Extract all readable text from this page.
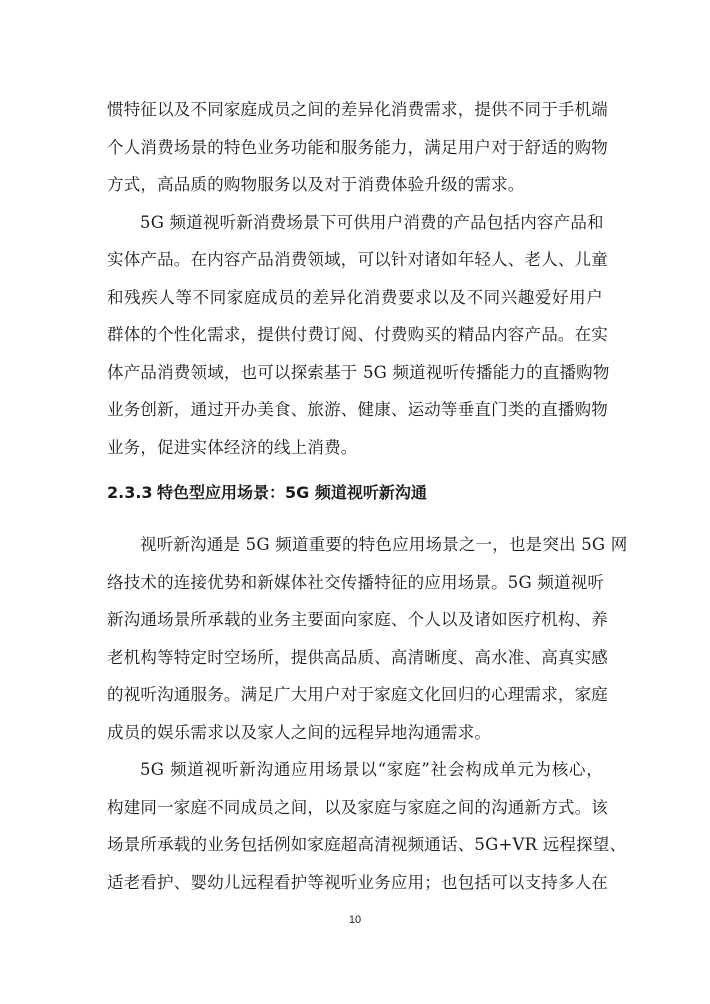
惯特征以及不同家庭成员之间的差异化消费需求，提供不同于手机端
个人消费场景的特色业务功能和服务能力，满足用户对于舒适的购物
方式，高品质的购物服务以及对于消费体验升级的需求。
5G 频道视听新消费场景下可供用户消费的产品包括内容产品和
实体产品。在内容产品消费领域，可以针对诸如年轻人、老人、儿童
和残疾人等不同家庭成员的差异化消费要求以及不同兴趣爱好用户
群体的个性化需求，提供付费订阅、付费购买的精品内容产品。在实
体产品消费领域，也可以探索基于 5G 频道视听传播能力的直播购物
业务创新，通过开办美食、旅游、健康、运动等垂直门类的直播购物
业务，促进实体经济的线上消费。
2.3.3 特色型应用场景：5G 频道视听新沟通
视听新沟通是 5G 频道重要的特色应用场景之一，也是突出 5G 网
络技术的连接优势和新媒体社交传播特征的应用场景。5G 频道视听
新沟通场景所承载的业务主要面向家庭、个人以及诸如医疗机构、养
老机构等特定时空场所，提供高品质、高清晰度、高水准、高真实感
的视听沟通服务。满足广大用户对于家庭文化回归的心理需求，家庭
成员的娱乐需求以及家人之间的远程异地沟通需求。
5G 频道视听新沟通应用场景以“家庭”社会构成单元为核心，
构建同一家庭不同成员之间，以及家庭与家庭之间的沟通新方式。该
场景所承载的业务包括例如家庭超高清视频通话、5G+VR 远程探望、
适老看护、婴幼儿远程看护等视听业务应用；也包括可以支持多人在
10
